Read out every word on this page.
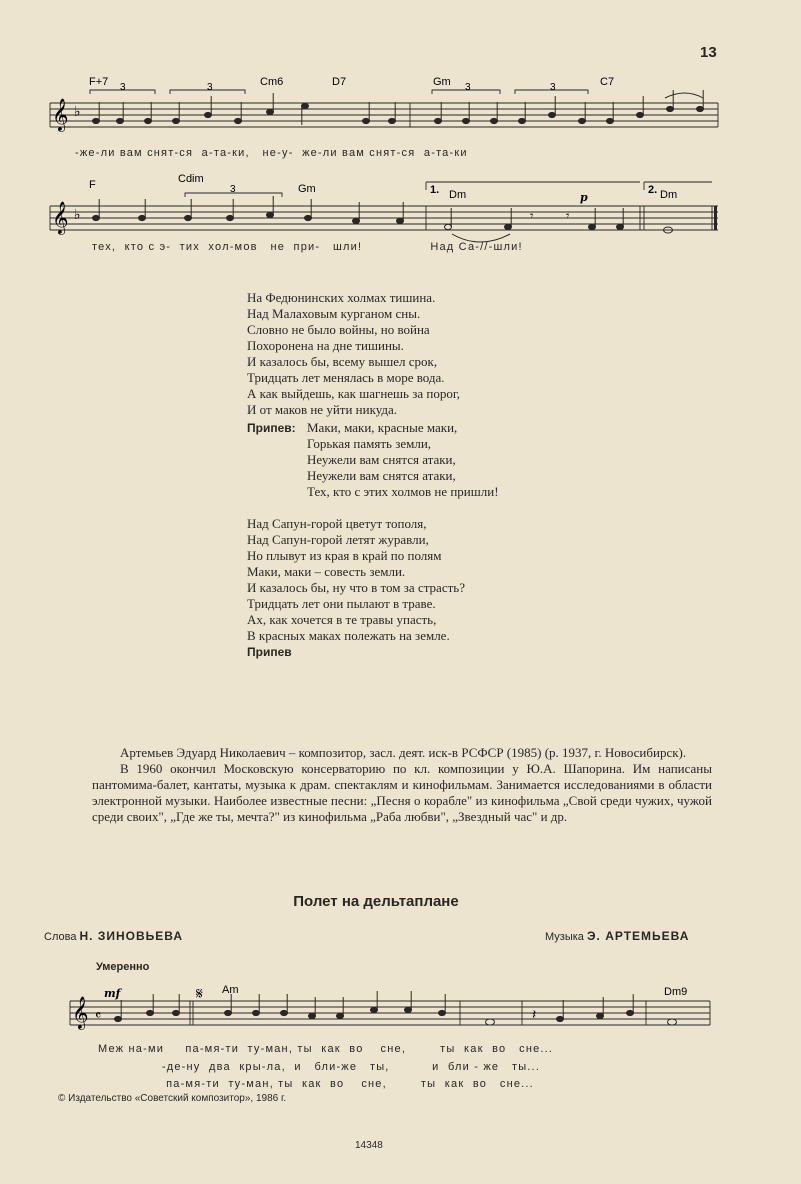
13
𝄞 ♭
3	3	3	3
F+7	Cm6	D7	Gm	C7
-же-ли вам снят-ся  а-та-ки,   не-у-  же-ли вам снят-ся  а-та-ки
𝄞 ♭	𝄾	𝄾
3
F	Cdim
Gm	Dm	Dm
1.	2.
p
тех,  кто с э-  тих  хол-мов   не  при-   шли!                Над Са-//-шли!
На Федюнинских холмах тишина.
Над Малаховым курганом сны.
Словно не было войны, но война
Похоронена на дне тишины.
И казалось бы, всему вышел срок,
Тридцать лет менялась в море вода.
А как выйдешь, как шагнешь за порог,
И от маков не уйти никуда.
Припев: Маки, маки, красные маки,
Горькая память земли,
Неужели вам снятся атаки,
Неужели вам снятся атаки,
Тех, кто с этих холмов не пришли!
Над Сапун-горой цветут тополя,
Над Сапун-горой летят журавли,
Но плывут из края в край по полям
Маки, маки – совесть земли.
И казалось бы, ну что в том за страсть?
Тридцать лет они пылают в траве.
Ах, как хочется в те травы упасть,
В красных маках полежать на земле.
Припев

Артемьев Эдуард Николаевич – композитор, засл. деят. иск-в РСФСР (1985) (р. 1937, г. Новосибирск).

В 1960 окончил Московскую консерваторию по кл. композиции у Ю.А. Шапорина. Им написаны пантомима-балет, кантаты, музыка к драм. спектаклям и кинофильмам. Занимается исследованиями в области электронной музыки. Наиболее известные песни: „Песня о корабле" из кинофильма „Свой среди чужих, чужой среди своих", „Где же ты, мечта?" из кинофильма „Раба любви", „Звездный час" и др.

Полет на дельтаплане
Слова Н. ЗИНОВЬЕВА	Музыка Э. АРТЕМЬЕВА
Умеренно
𝄞 𝄴
𝄋
𝄽
mf	Am	Dm9
Меж на-ми     па-мя-ти  ту-ман, ты  как  во    сне,        ты  как  во   сне...
-де-ну  два  кры-ла,  и   бли-же   ты,          и  бли - же   ты...
па-мя-ти  ту-ман, ты  как  во    сне,        ты  как  во   сне...
© Издательство «Советский композитор», 1986 г.
14348
